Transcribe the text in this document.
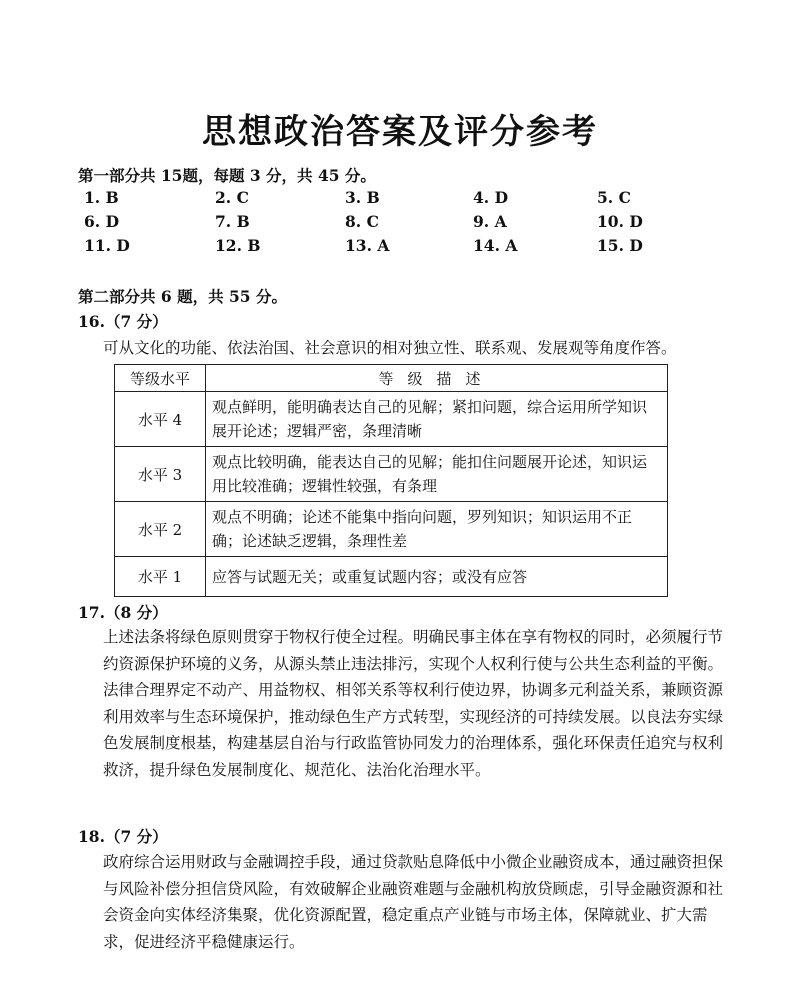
思想政治答案及评分参考
第一部分共 15题，每题 3 分，共 45 分。
1. B	2. C	3. B	4. D	5. C
6. D	7. B	8. C	9. A	10. D
11. D	12. B	13. A	14. A	15. D
第二部分共 6 题，共 55 分。
16.（7 分）
可从文化的功能、依法治国、社会意识的相对独立性、联系观、发展观等角度作答。
等级水平	等级描述
水平 4	观点鲜明，能明确表达自己的见解；紧扣问题，综合运用所学知识展开论述；逻辑严密，条理清晰
水平 3	观点比较明确，能表达自己的见解；能扣住问题展开论述，知识运用比较准确；逻辑性较强，有条理
水平 2	观点不明确；论述不能集中指向问题，罗列知识；知识运用不正确；论述缺乏逻辑，条理性差
水平 1	应答与试题无关；或重复试题内容；或没有应答
17.（8 分）
上述法条将绿色原则贯穿于物权行使全过程。明确民事主体在享有物权的同时，必须履行节约资源保护环境的义务，从源头禁止违法排污，实现个人权利行使与公共生态利益的平衡。法律合理界定不动产、用益物权、相邻关系等权利行使边界，协调多元利益关系，兼顾资源利用效率与生态环境保护，推动绿色生产方式转型，实现经济的可持续发展。以良法夯实绿色发展制度根基，构建基层自治与行政监管协同发力的治理体系，强化环保责任追究与权利救济，提升绿色发展制度化、规范化、法治化治理水平。
18.（7 分）
政府综合运用财政与金融调控手段，通过贷款贴息降低中小微企业融资成本，通过融资担保与风险补偿分担信贷风险，有效破解企业融资难题与金融机构放贷顾虑，引导金融资源和社会资金向实体经济集聚，优化资源配置，稳定重点产业链与市场主体，保障就业、扩大需求，促进经济平稳健康运行。
